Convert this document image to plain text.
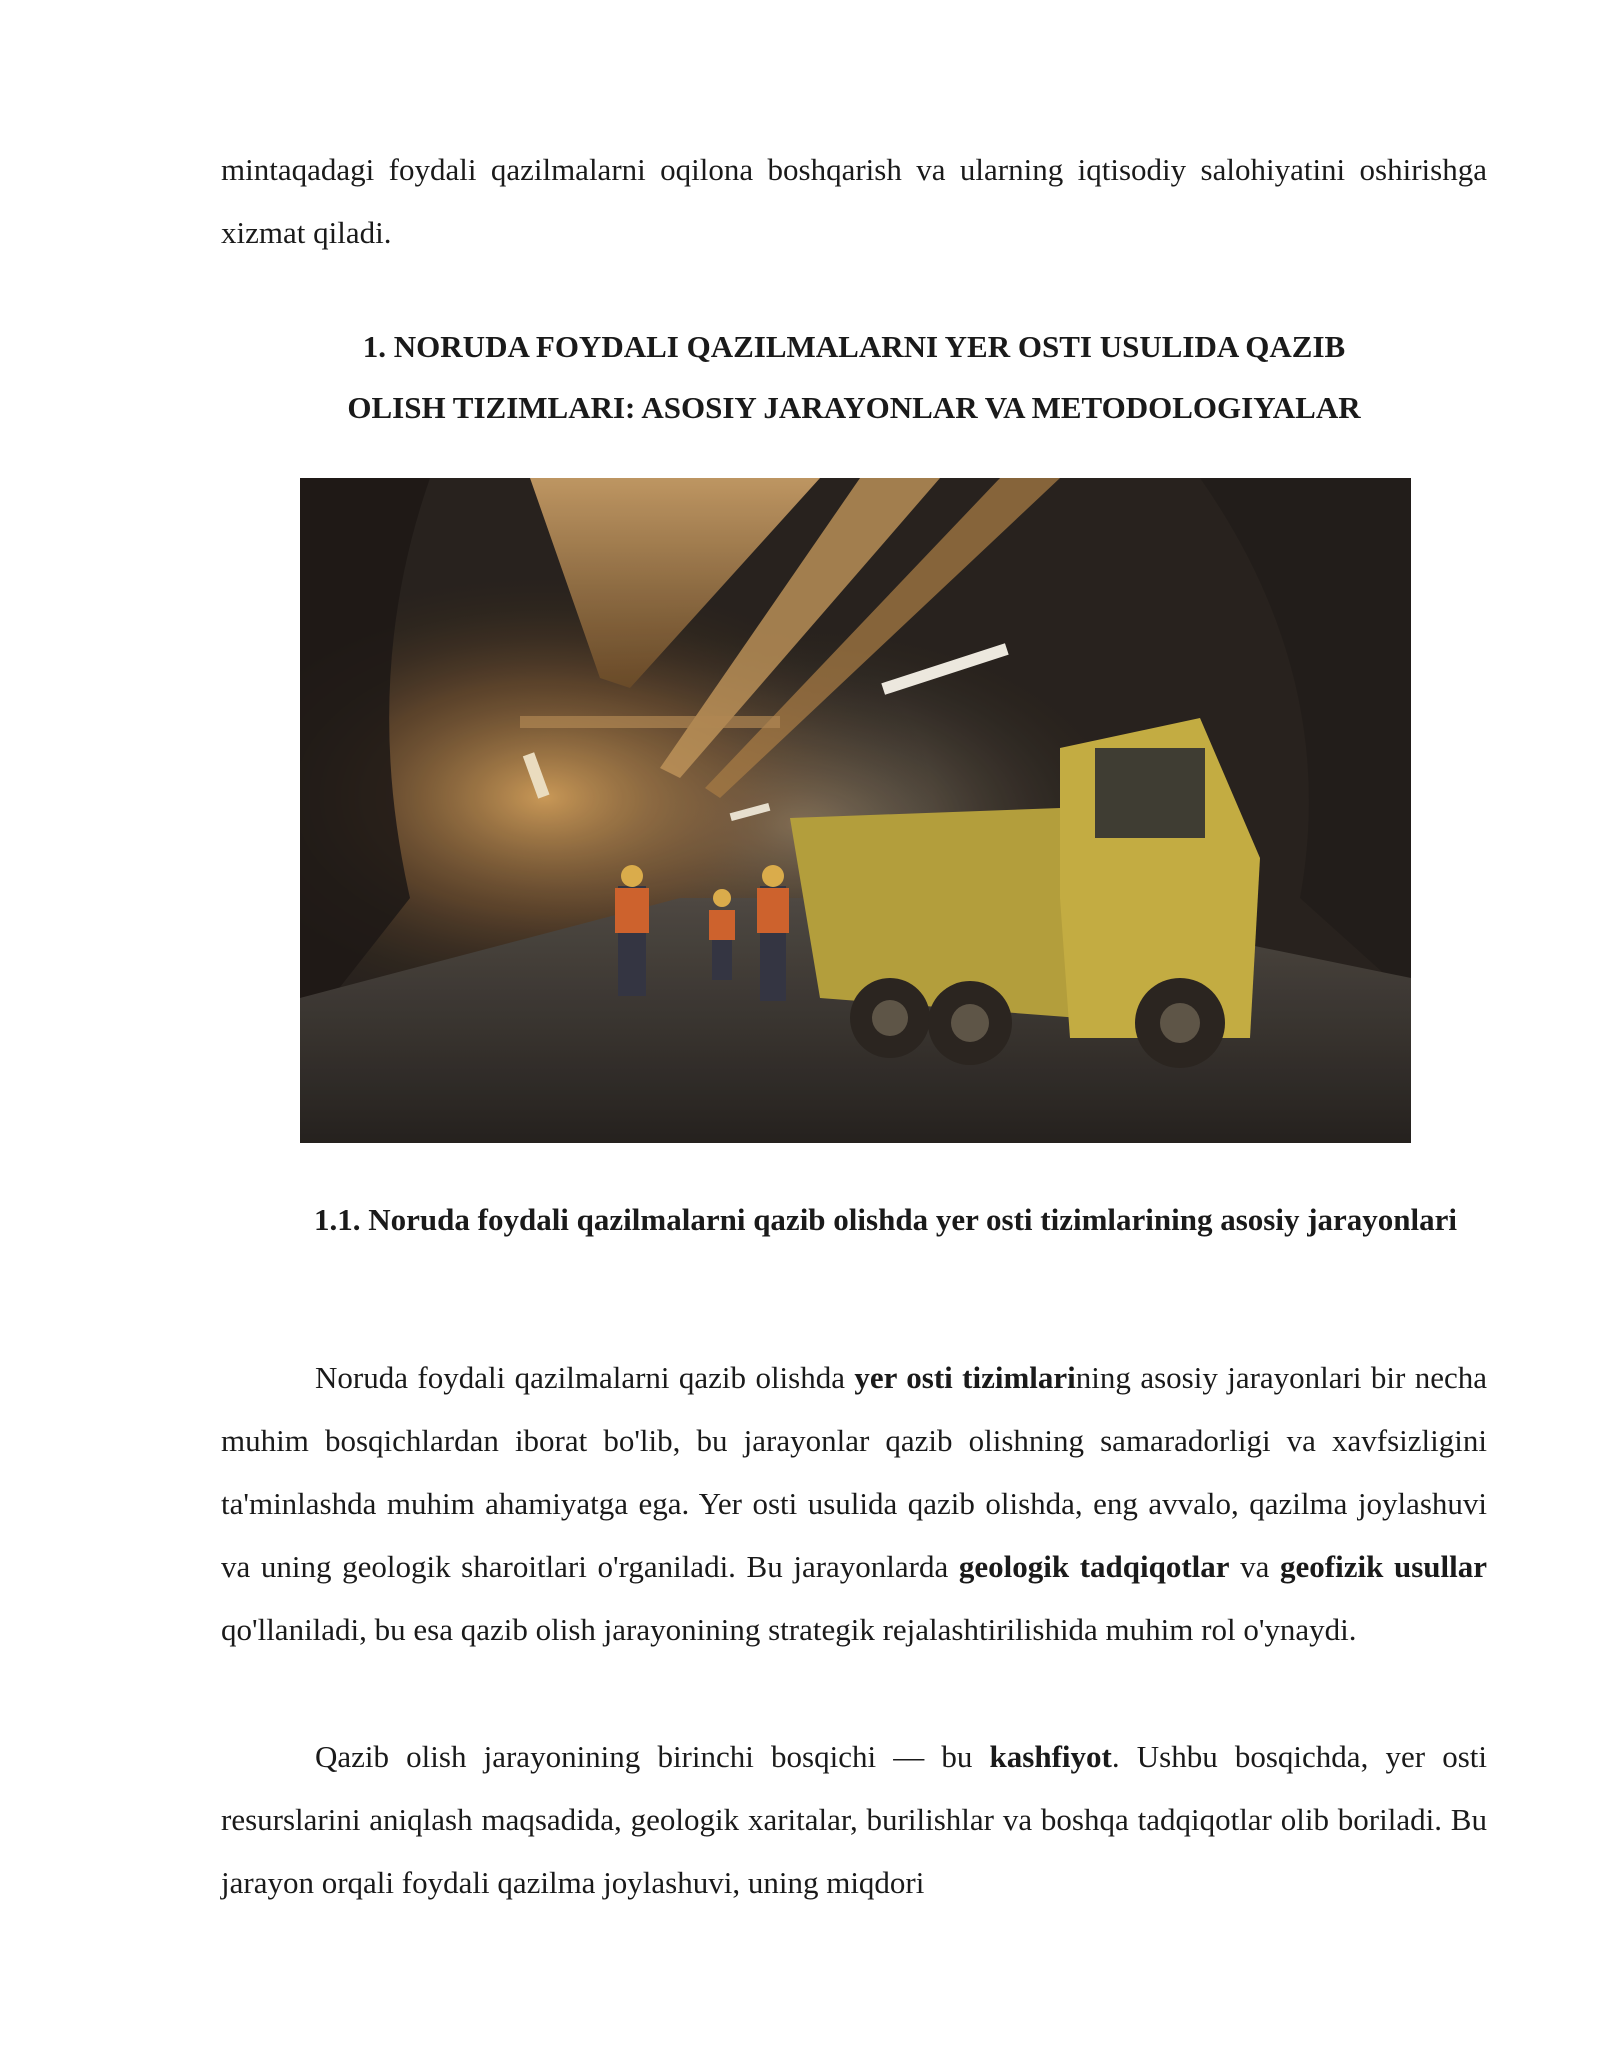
mintaqadagi foydali qazilmalarni oqilona boshqarish va ularning iqtisodiy salohiyatini oshirishga xizmat qiladi.

1. NORUDA FOYDALI QAZILMALARNI YER OSTI USULIDA QAZIB
OLISH TIZIMLARI: ASOSIY JARAYONLAR VA METODOLOGIYALAR
1.1. Noruda foydali qazilmalarni qazib olishda yer osti tizimlarining asosiy jarayonlari

Noruda foydali qazilmalarni qazib olishda yer osti tizimlarining asosiy jarayonlari bir necha muhim bosqichlardan iborat bo'lib, bu jarayonlar qazib olishning samaradorligi va xavfsizligini ta'minlashda muhim ahamiyatga ega. Yer osti usulida qazib olishda, eng avvalo, qazilma joylashuvi va uning geologik sharoitlari o'rganiladi. Bu jarayonlarda geologik tadqiqotlar va geofizik usullar qo'llaniladi, bu esa qazib olish jarayonining strategik rejalashtirilishida muhim rol o'ynaydi.

Qazib olish jarayonining birinchi bosqichi — bu kashfiyot. Ushbu bosqichda, yer osti resurslarini aniqlash maqsadida, geologik xaritalar, burilishlar va boshqa tadqiqotlar olib boriladi. Bu jarayon orqali foydali qazilma joylashuvi, uning miqdori
